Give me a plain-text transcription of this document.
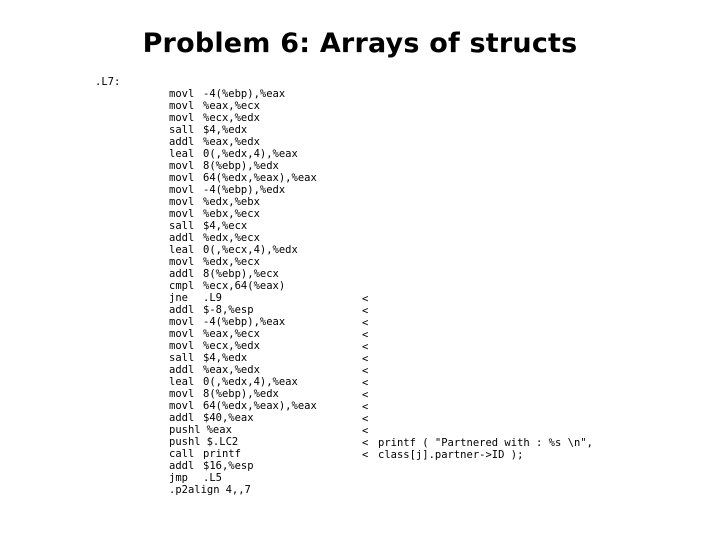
Problem 6: Arrays of structs
.L7:
movl -4(%ebp),%eax
movl %eax,%ecx
movl %ecx,%edx
sall $4,%edx
addl %eax,%edx
leal 0(,%edx,4),%eax
movl 8(%ebp),%edx
movl 64(%edx,%eax),%eax
movl -4(%ebp),%edx
movl %edx,%ebx
movl %ebx,%ecx
sall $4,%ecx
addl %edx,%ecx
leal 0(,%ecx,4),%edx
movl %edx,%ecx
addl 8(%ebp),%ecx
cmpl %ecx,64(%eax)
jne .L9
addl $-8,%esp
movl -4(%ebp),%eax
movl %eax,%ecx
movl %ecx,%edx
sall $4,%edx
addl %eax,%edx
leal 0(,%edx,4),%eax
movl 8(%ebp),%edx
movl 64(%edx,%eax),%eax
addl $40,%eax
pushl %eax
pushl $.LC2
call printf
addl $16,%esp
jmp .L5
.p2align 4,,7
<
<
<
<
<
<
<
<
<
<
<
<
<
<
printf ( "Partnered with : %s \n",
class[j].partner->ID );
